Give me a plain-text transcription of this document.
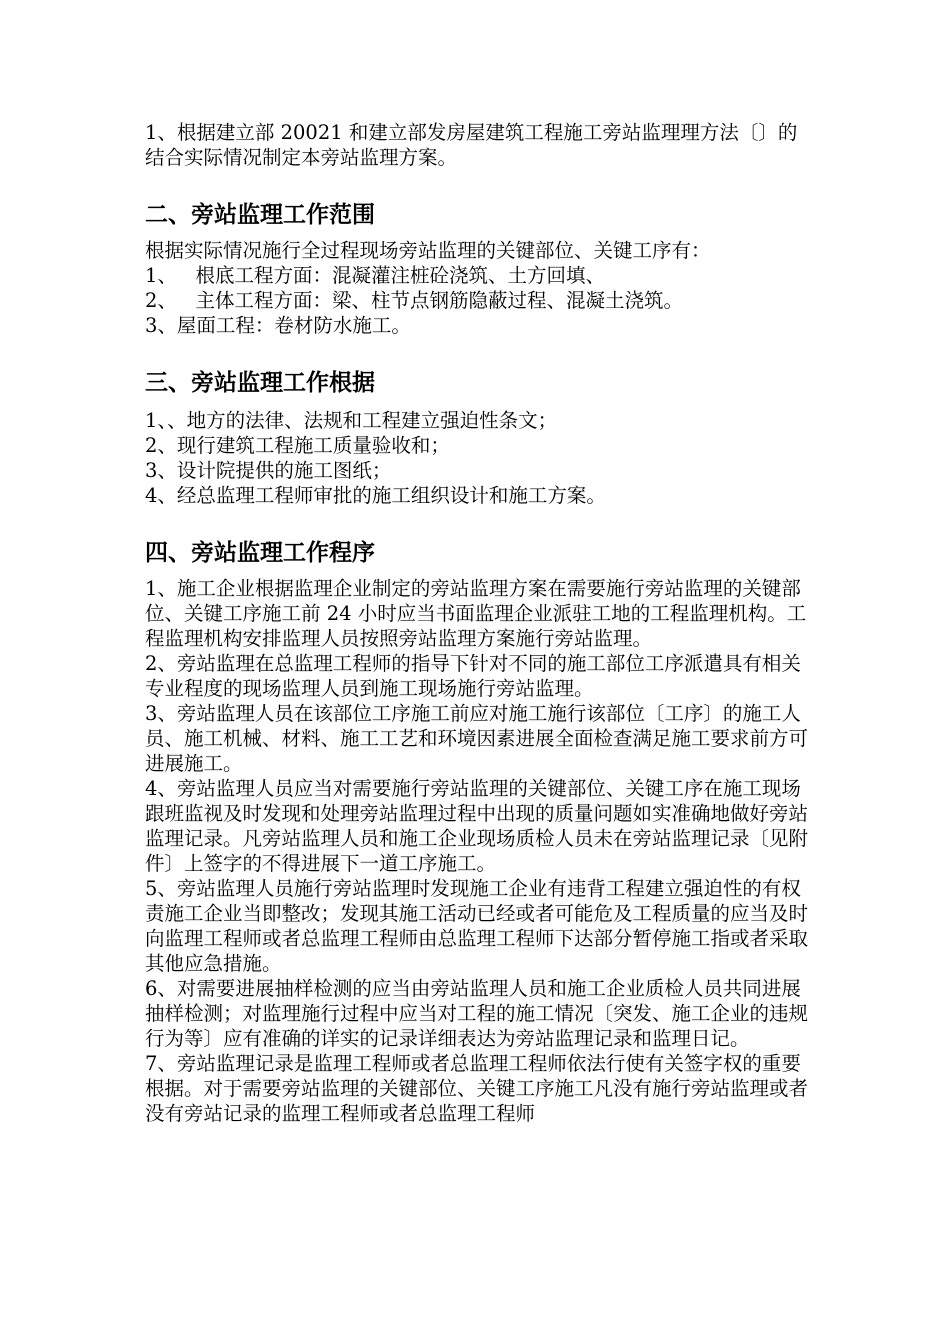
1、根据建立部 20021 和建立部发房屋建筑工程施工旁站监理理方法〔〕的结合实际情况制定本旁站监理方案。

二、旁站监理工作范围

根据实际情况施行全过程现场旁站监理的关键部位、关键工序有：

1、   根底工程方面：混凝灌注桩砼浇筑、土方回填、

2、   主体工程方面：梁、柱节点钢筋隐蔽过程、混凝土浇筑。

3、屋面工程：卷材防水施工。

三、旁站监理工作根据

1、、地方的法律、法规和工程建立强迫性条文；

2、现行建筑工程施工质量验收和；

3、设计院提供的施工图纸；

4、经总监理工程师审批的施工组织设计和施工方案。

四、旁站监理工作程序

1、施工企业根据监理企业制定的旁站监理方案在需要施行旁站监理的关键部位、关键工序施工前 24 小时应当书面监理企业派驻工地的工程监理机构。工程监理机构安排监理人员按照旁站监理方案施行旁站监理。

2、旁站监理在总监理工程师的指导下针对不同的施工部位工序派遣具有相关专业程度的现场监理人员到施工现场施行旁站监理。

3、旁站监理人员在该部位工序施工前应对施工施行该部位〔工序〕的施工人员、施工机械、材料、施工工艺和环境因素进展全面检查满足施工要求前方可进展施工。

4、旁站监理人员应当对需要施行旁站监理的关键部位、关键工序在施工现场跟班监视及时发现和处理旁站监理过程中出现的质量问题如实准确地做好旁站监理记录。凡旁站监理人员和施工企业现场质检人员未在旁站监理记录〔见附件〕上签字的不得进展下一道工序施工。

5、旁站监理人员施行旁站监理时发现施工企业有违背工程建立强迫性的有权责施工企业当即整改；发现其施工活动已经或者可能危及工程质量的应当及时向监理工程师或者总监理工程师由总监理工程师下达部分暂停施工指或者采取其他应急措施。

6、对需要进展抽样检测的应当由旁站监理人员和施工企业质检人员共同进展抽样检测；对监理施行过程中应当对工程的施工情况〔突发、施工企业的违规行为等〕应有准确的详实的记录详细表达为旁站监理记录和监理日记。

7、旁站监理记录是监理工程师或者总监理工程师依法行使有关签字权的重要根据。对于需要旁站监理的关键部位、关键工序施工凡没有施行旁站监理或者没有旁站记录的监理工程师或者总监理工程师
